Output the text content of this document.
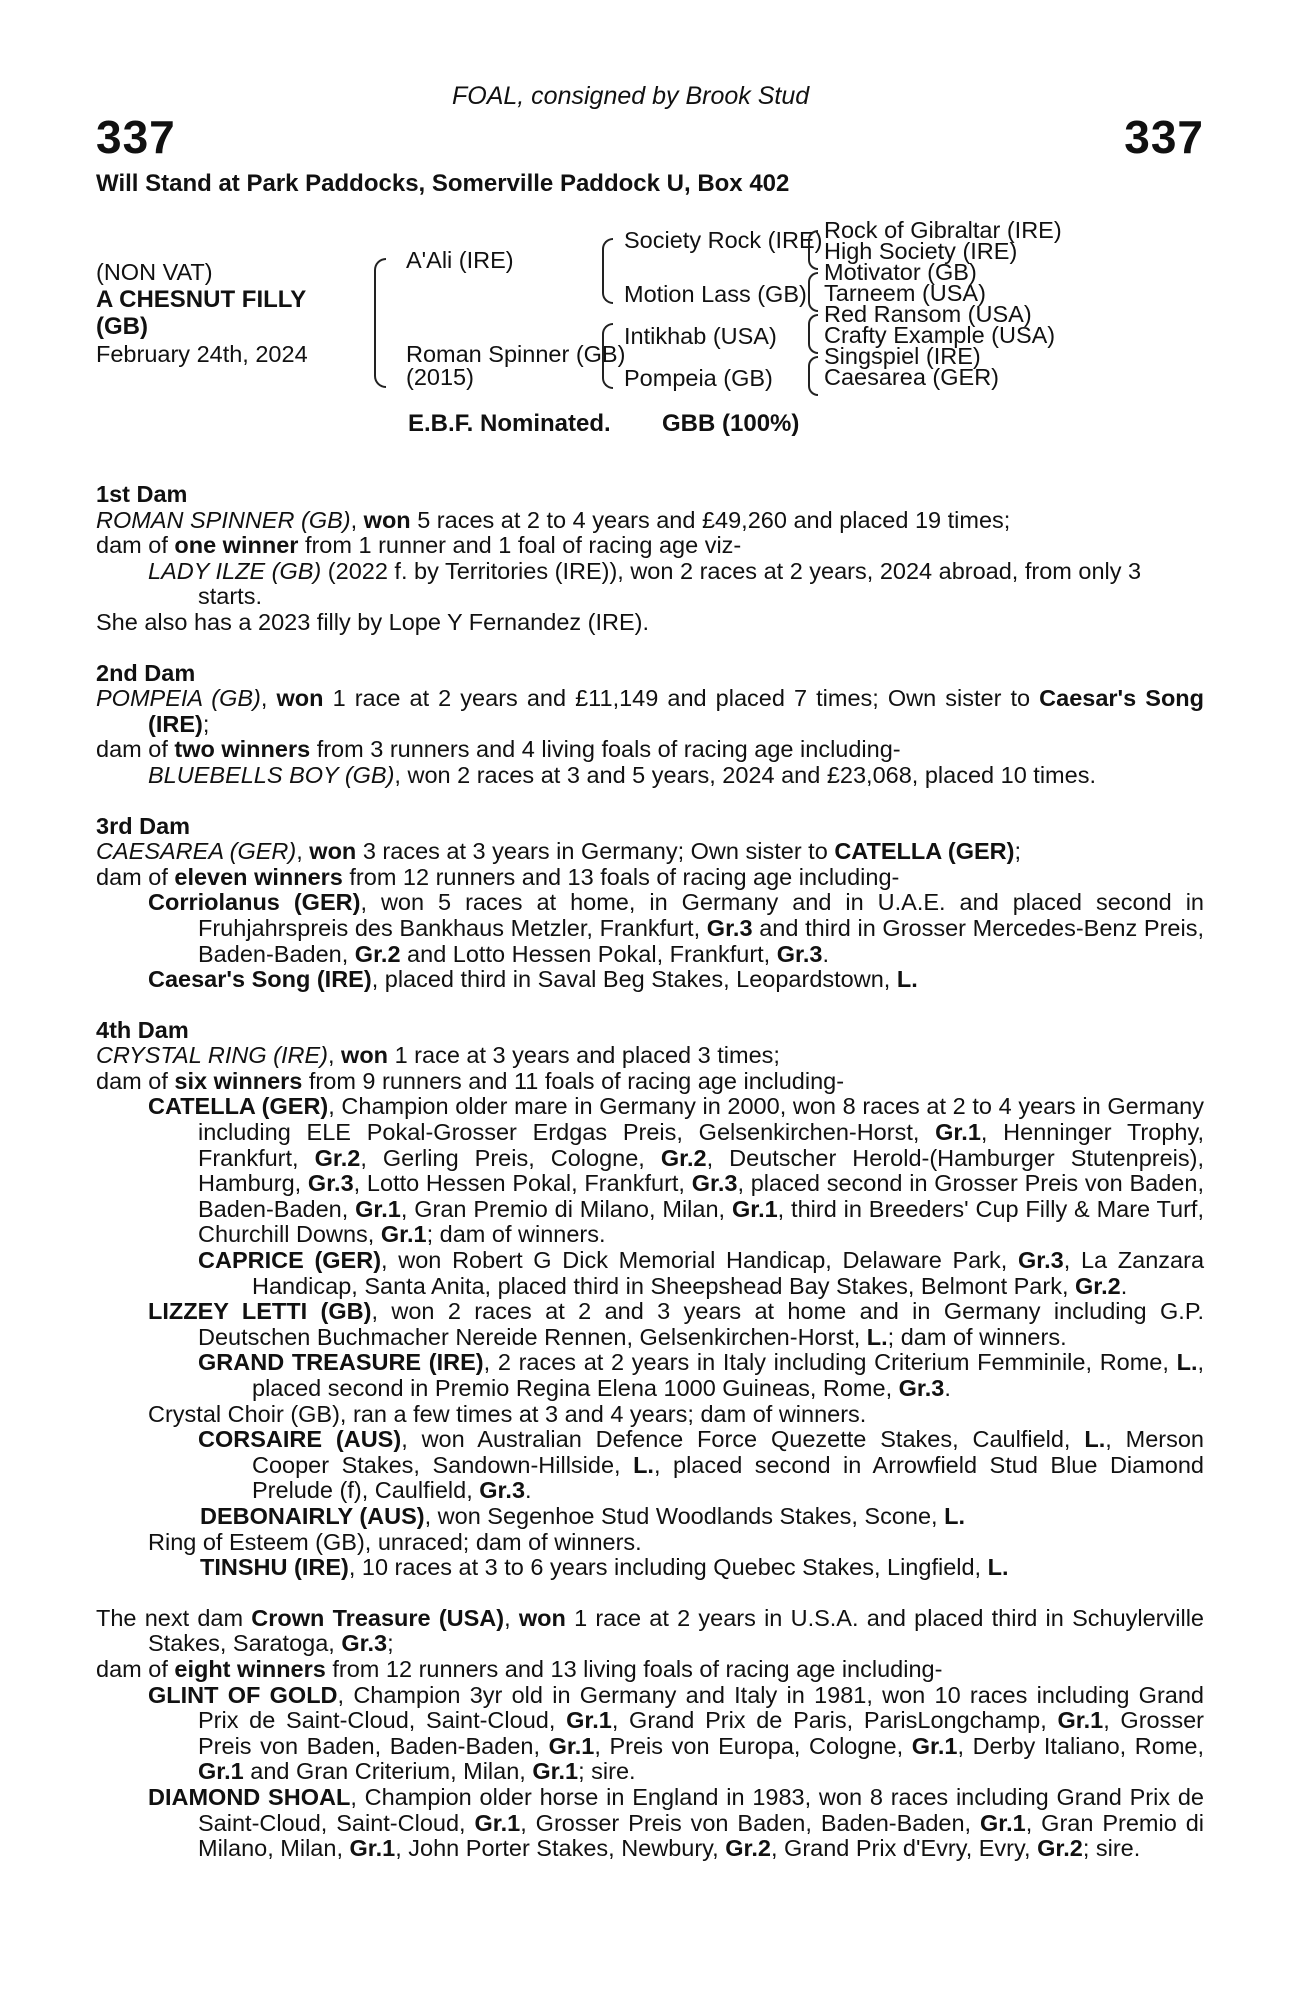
337	337
FOAL, consigned by Brook Stud
Will Stand at Park Paddocks, Somerville Paddock U, Box 402
(NON VAT)
A CHESNUT FILLY
(GB)
February 24th, 2024
A'Ali (IRE)
Roman Spinner (GB)
(2015)
Society Rock (IRE)
Motion Lass (GB)
Intikhab (USA)
Pompeia (GB)
Rock of Gibraltar (IRE)
High Society (IRE)
Motivator (GB)
Tarneem (USA)
Red Ransom (USA)
Crafty Example (USA)
Singspiel (IRE)
Caesarea (GER)
E.B.F. Nominated. GBB (100%)
1st Dam
ROMAN SPINNER (GB), won 5 races at 2 to 4 years and £49,260 and placed 19 times;
dam of one winner from 1 runner and 1 foal of racing age viz-
LADY ILZE (GB) (2022 f. by Territories (IRE)), won 2 races at 2 years, 2024 abroad, from only 3 starts.
She also has a 2023 filly by Lope Y Fernandez (IRE).
2nd Dam
POMPEIA (GB), won 1 race at 2 years and £11,149 and placed 7 times; Own sister to Caesar's Song (IRE);
dam of two winners from 3 runners and 4 living foals of racing age including-
BLUEBELLS BOY (GB), won 2 races at 3 and 5 years, 2024 and £23,068, placed 10 times.
3rd Dam
CAESAREA (GER), won 3 races at 3 years in Germany; Own sister to CATELLA (GER);
dam of eleven winners from 12 runners and 13 foals of racing age including-
Corriolanus (GER), won 5 races at home, in Germany and in U.A.E. and placed second in Fruhjahrspreis des Bankhaus Metzler, Frankfurt, Gr.3 and third in Grosser Mercedes-Benz Preis, Baden-Baden, Gr.2 and Lotto Hessen Pokal, Frankfurt, Gr.3.
Caesar's Song (IRE), placed third in Saval Beg Stakes, Leopardstown, L.
4th Dam
CRYSTAL RING (IRE), won 1 race at 3 years and placed 3 times;
dam of six winners from 9 runners and 11 foals of racing age including-
CATELLA (GER), Champion older mare in Germany in 2000, won 8 races at 2 to 4 years in Germany including ELE Pokal-Grosser Erdgas Preis, Gelsenkirchen-Horst, Gr.1, Henninger Trophy, Frankfurt, Gr.2, Gerling Preis, Cologne, Gr.2, Deutscher Herold-(Hamburger Stutenpreis), Hamburg, Gr.3, Lotto Hessen Pokal, Frankfurt, Gr.3, placed second in Grosser Preis von Baden, Baden-Baden, Gr.1, Gran Premio di Milano, Milan, Gr.1, third in Breeders' Cup Filly & Mare Turf, Churchill Downs, Gr.1; dam of winners.
CAPRICE (GER), won Robert G Dick Memorial Handicap, Delaware Park, Gr.3, La Zanzara Handicap, Santa Anita, placed third in Sheepshead Bay Stakes, Belmont Park, Gr.2.
LIZZEY LETTI (GB), won 2 races at 2 and 3 years at home and in Germany including G.P. Deutschen Buchmacher Nereide Rennen, Gelsenkirchen-Horst, L.; dam of winners.
GRAND TREASURE (IRE), 2 races at 2 years in Italy including Criterium Femminile, Rome, L., placed second in Premio Regina Elena 1000 Guineas, Rome, Gr.3.
Crystal Choir (GB), ran a few times at 3 and 4 years; dam of winners.
CORSAIRE (AUS), won Australian Defence Force Quezette Stakes, Caulfield, L., Merson Cooper Stakes, Sandown-Hillside, L., placed second in Arrowfield Stud Blue Diamond Prelude (f), Caulfield, Gr.3.
DEBONAIRLY (AUS), won Segenhoe Stud Woodlands Stakes, Scone, L.
Ring of Esteem (GB), unraced; dam of winners.
TINSHU (IRE), 10 races at 3 to 6 years including Quebec Stakes, Lingfield, L.
The next dam Crown Treasure (USA), won 1 race at 2 years in U.S.A. and placed third in Schuylerville Stakes, Saratoga, Gr.3;
dam of eight winners from 12 runners and 13 living foals of racing age including-
GLINT OF GOLD, Champion 3yr old in Germany and Italy in 1981, won 10 races including Grand Prix de Saint-Cloud, Saint-Cloud, Gr.1, Grand Prix de Paris, ParisLongchamp, Gr.1, Grosser Preis von Baden, Baden-Baden, Gr.1, Preis von Europa, Cologne, Gr.1, Derby Italiano, Rome, Gr.1 and Gran Criterium, Milan, Gr.1; sire.
DIAMOND SHOAL, Champion older horse in England in 1983, won 8 races including Grand Prix de Saint-Cloud, Saint-Cloud, Gr.1, Grosser Preis von Baden, Baden-Baden, Gr.1, Gran Premio di Milano, Milan, Gr.1, John Porter Stakes, Newbury, Gr.2, Grand Prix d'Evry, Evry, Gr.2; sire.
